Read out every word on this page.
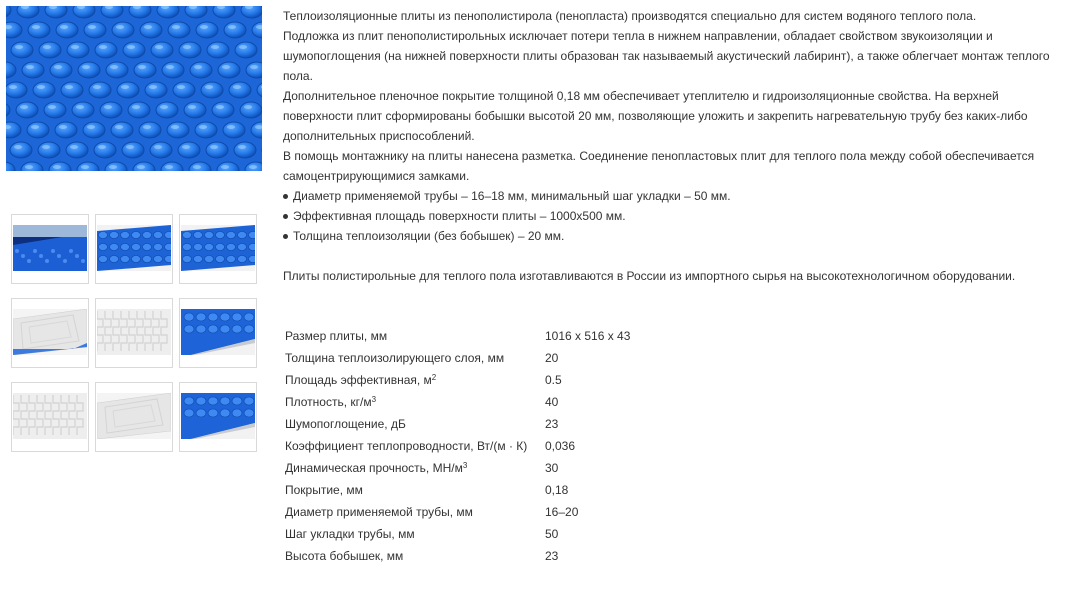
Теплоизоляционные плиты из пенополистирола (пенопласта) производятся специально для систем водяного теплого пола.

Подложка из плит пенополистирольных исключает потери тепла в нижнем направлении, обладает свойством звукоизоляции и шумопоглощения (на нижней поверхности плиты образован так называемый акустический лабиринт), а также облегчает монтаж теплого пола.

Дополнительное пленочное покрытие толщиной 0,18 мм обеспечивает утеплителю и гидроизоляционные свойства. На верхней поверхности плит сформированы бобышки высотой 20 мм, позволяющие уложить и закрепить нагревательную трубу без каких-либо дополнительных приспособлений.

В помощь монтажнику на плиты нанесена разметка. Соединение пенопластовых плит для теплого пола между собой обеспечивается самоцентрирующимися замками.

Диаметр применяемой трубы – 16–18 мм, минимальный шаг укладки – 50 мм.
Эффективная площадь поверхности плиты – 1000х500 мм.
Толщина теплоизоляции (без бобышек) – 20 мм.

Плиты полистирольные для теплого пола изготавливаются в России из импортного сырья на высокотехнологичном оборудовании.

Размер плиты, мм	1016 х 516 х 43
Толщина теплоизолирующего слоя, мм	20
Площадь эффективная, $м^2$	0.5
Плотность, $кг/м^3$	40
Шумопоглощение, дБ	23
Коэффициент теплопроводности, Вт/(м · К)	0,036
Динамическая прочность, $МН/м^3$	30
Покрытие, мм	0,18
Диаметр применяемой трубы, мм	16–20
Шаг укладки трубы, мм	50
Высота бобышек, мм	23
